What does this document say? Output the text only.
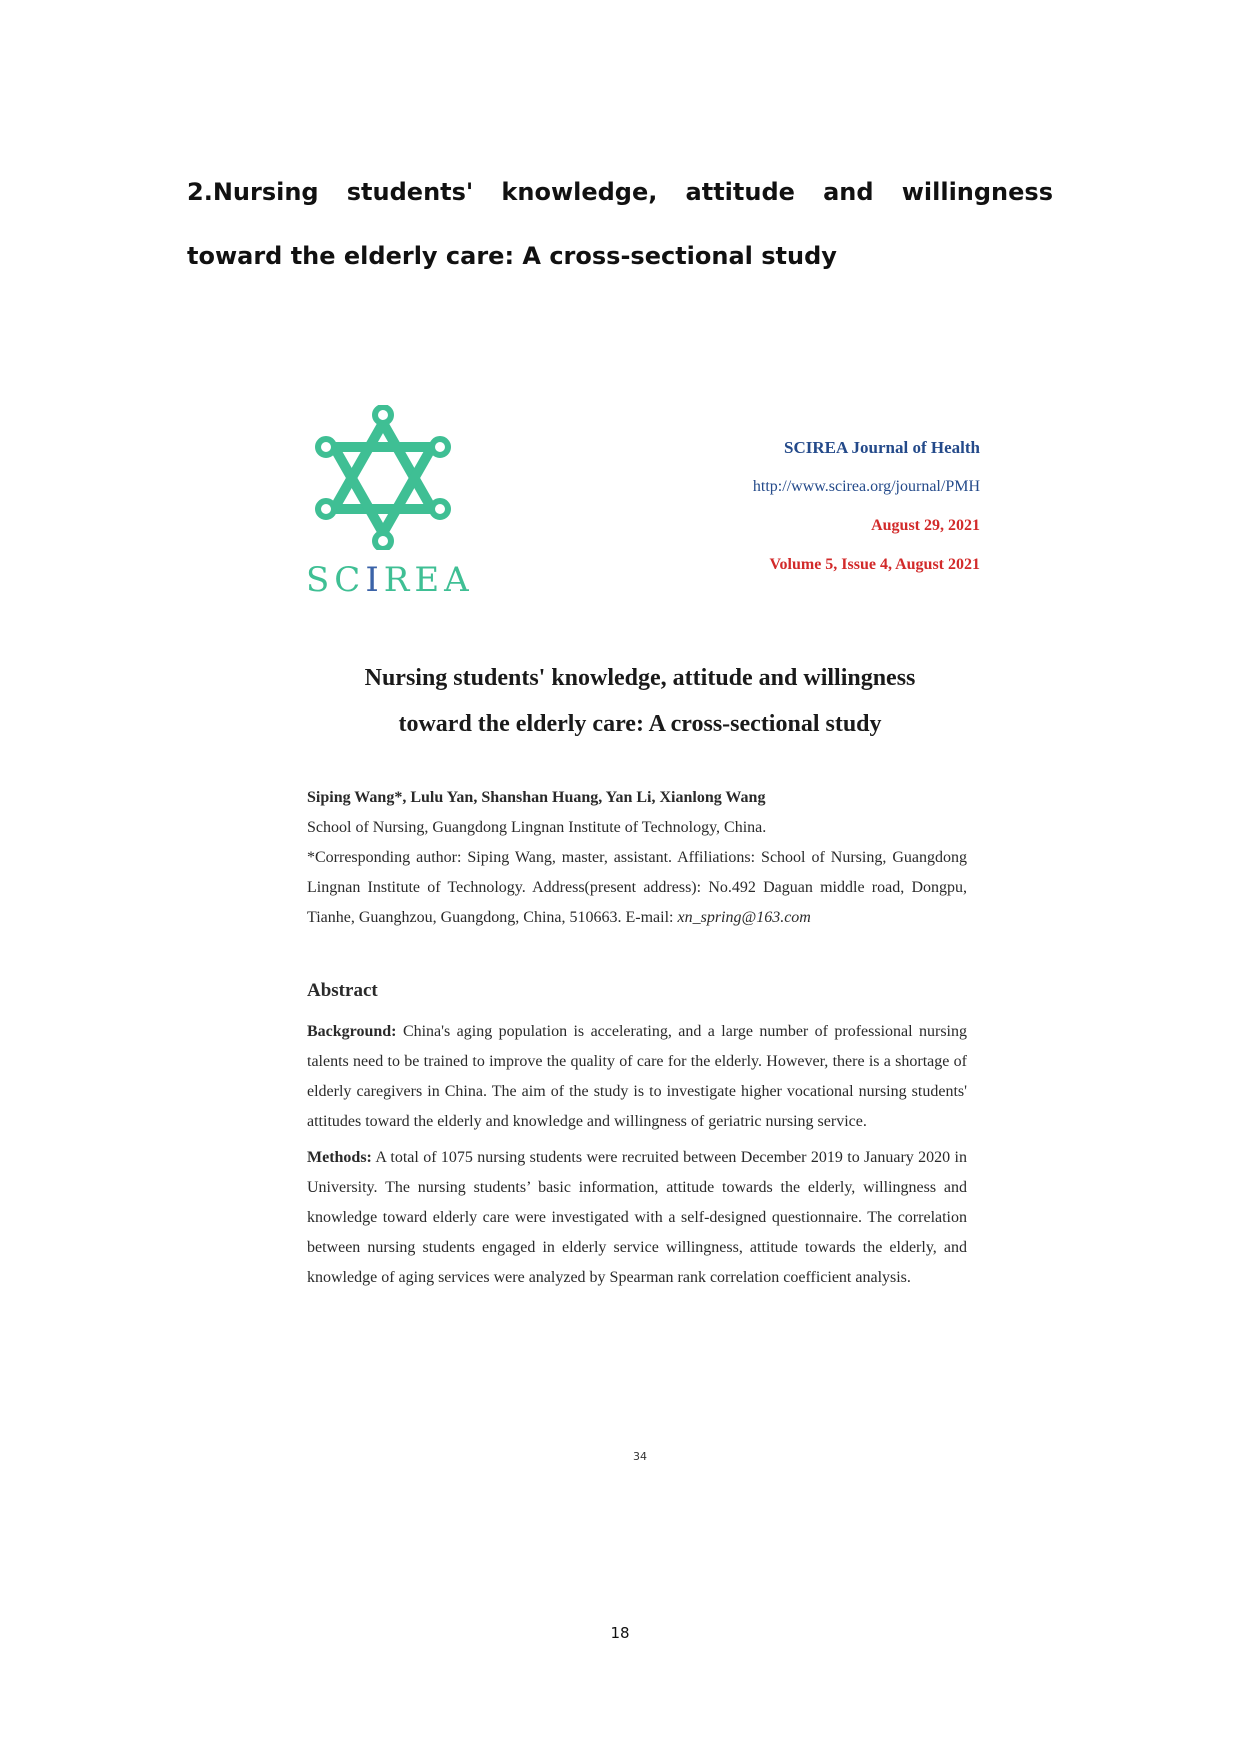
2.Nursing students' knowledge, attitude and willingness toward the elderly care: A cross-sectional study
SCIREA
SCIREA Journal of Health
http://www.scirea.org/journal/PMH
August 29, 2021
Volume 5, Issue 4, August 2021
Nursing students' knowledge, attitude and willingness
toward the elderly care: A cross-sectional study
Siping Wang*, Lulu Yan, Shanshan Huang, Yan Li, Xianlong Wang

School of Nursing, Guangdong Lingnan Institute of Technology, China.

*Corresponding author: Siping Wang, master, assistant. Affiliations: School of Nursing, Guangdong Lingnan Institute of Technology. Address(present address): No.492 Daguan middle road, Dongpu, Tianhe, Guanghzou, Guangdong, China, 510663. E-mail: xn_spring@163.com

Abstract

Background: China's aging population is accelerating, and a large number of professional nursing talents need to be trained to improve the quality of care for the elderly. However, there is a shortage of elderly caregivers in China. The aim of the study is to investigate higher vocational nursing students' attitudes toward the elderly and knowledge and willingness of geriatric nursing service.

Methods: A total of 1075 nursing students were recruited between December 2019 to January 2020 in University. The nursing students’ basic information, attitude towards the elderly, willingness and knowledge toward elderly care were investigated with a self-designed questionnaire. The correlation between nursing students engaged in elderly service willingness, attitude towards the elderly, and knowledge of aging services were analyzed by Spearman rank correlation coefficient analysis.

34
18
